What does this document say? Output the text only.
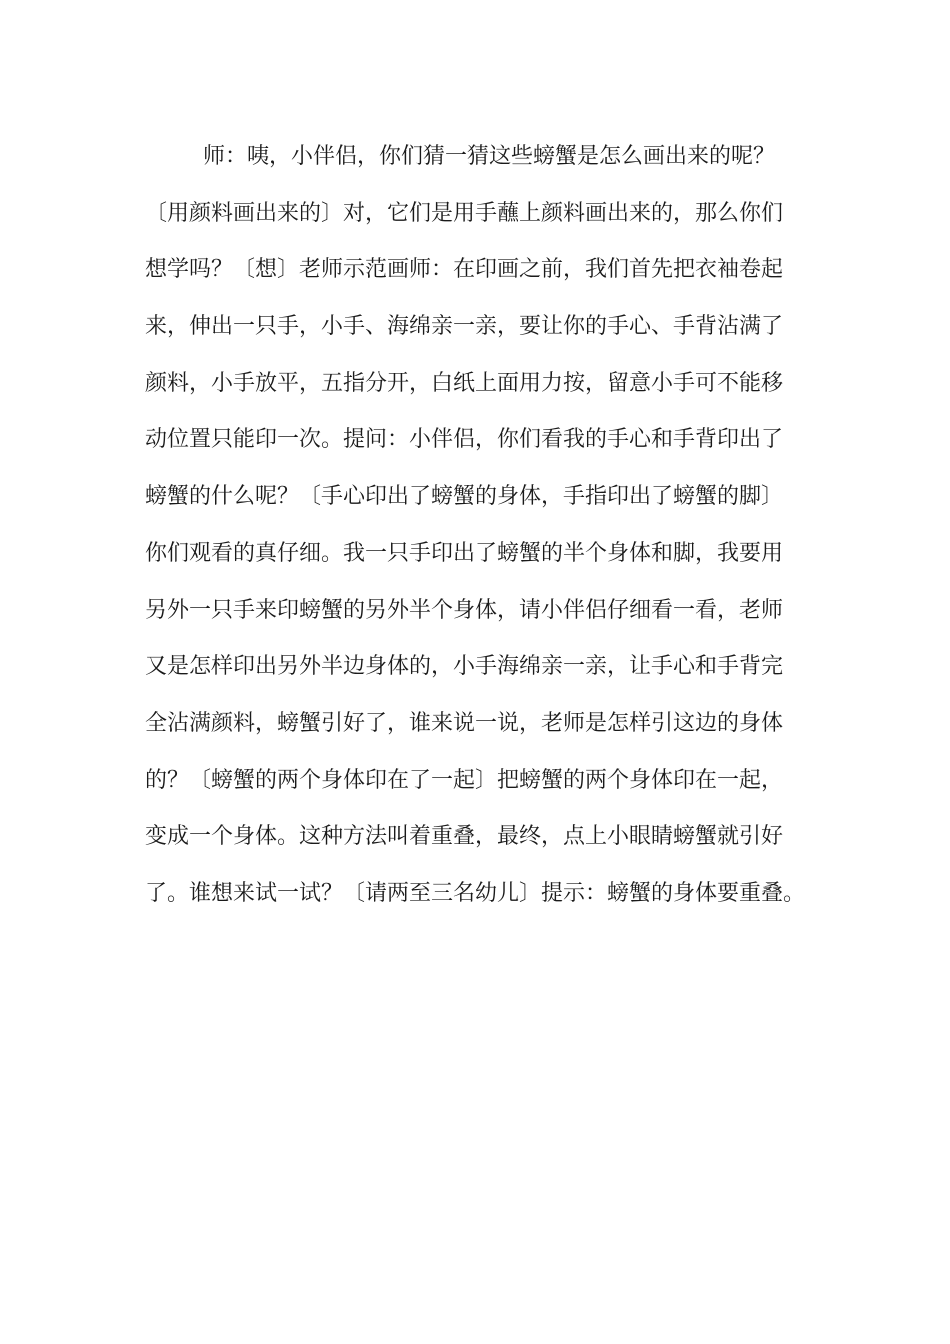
师：咦，小伴侣，你们猜一猜这些螃蟹是怎么画出来的呢？
〔用颜料画出来的〕对，它们是用手蘸上颜料画出来的，那么你们
想学吗？〔想〕老师示范画师：在印画之前，我们首先把衣袖卷起
来，伸出一只手，小手、海绵亲一亲，要让你的手心、手背沾满了
颜料，小手放平，五指分开，白纸上面用力按，留意小手可不能移
动位置只能印一次。提问：小伴侣，你们看我的手心和手背印出了
螃蟹的什么呢？〔手心印出了螃蟹的身体，手指印出了螃蟹的脚〕
你们观看的真仔细。我一只手印出了螃蟹的半个身体和脚，我要用
另外一只手来印螃蟹的另外半个身体，请小伴侣仔细看一看，老师
又是怎样印出另外半边身体的，小手海绵亲一亲，让手心和手背完
全沾满颜料，螃蟹引好了，谁来说一说，老师是怎样引这边的身体
的？〔螃蟹的两个身体印在了一起〕把螃蟹的两个身体印在一起，
变成一个身体。这种方法叫着重叠，最终，点上小眼睛螃蟹就引好
了。谁想来试一试？〔请两至三名幼儿〕提示：螃蟹的身体要重叠。
